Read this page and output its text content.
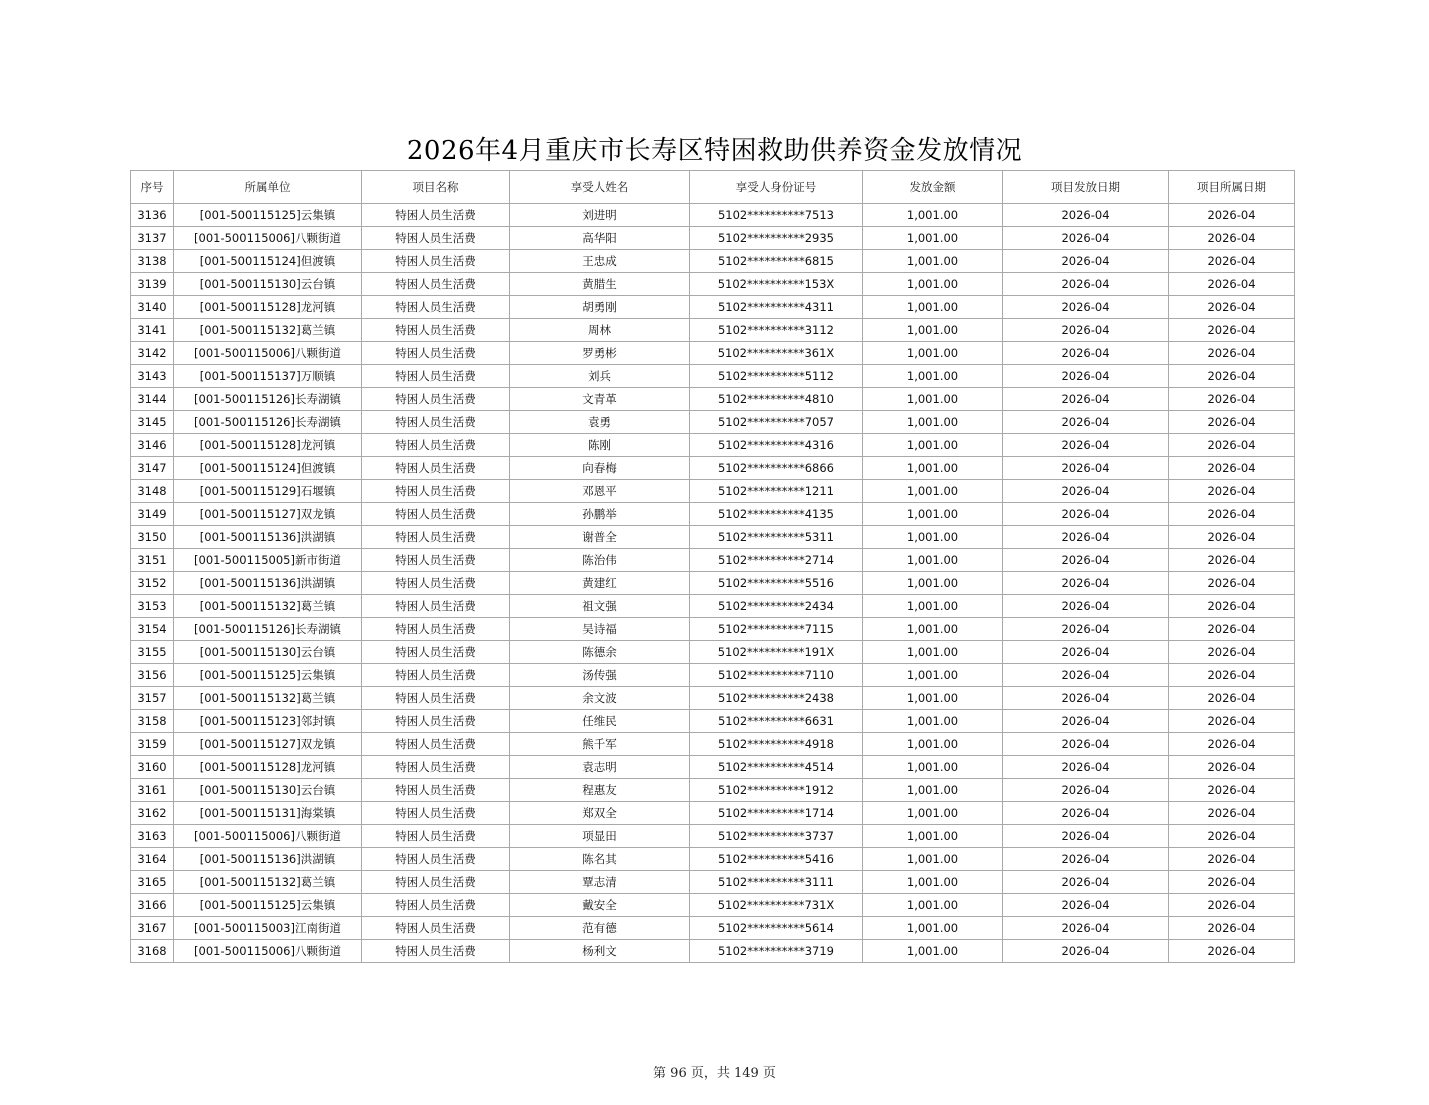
2026年4月重庆市长寿区特困救助供养资金发放情况
序号	所属单位	项目名称	享受人姓名	享受人身份证号	发放金额	项目发放日期	项目所属日期
3136	[001-500115125]云集镇	特困人员生活费	刘进明	5102**********7513	1,001.00	2026-04	2026-04
3137	[001-500115006]八颗街道	特困人员生活费	高华阳	5102**********2935	1,001.00	2026-04	2026-04
3138	[001-500115124]但渡镇	特困人员生活费	王忠成	5102**********6815	1,001.00	2026-04	2026-04
3139	[001-500115130]云台镇	特困人员生活费	黄腊生	5102**********153X	1,001.00	2026-04	2026-04
3140	[001-500115128]龙河镇	特困人员生活费	胡勇刚	5102**********4311	1,001.00	2026-04	2026-04
3141	[001-500115132]葛兰镇	特困人员生活费	周林	5102**********3112	1,001.00	2026-04	2026-04
3142	[001-500115006]八颗街道	特困人员生活费	罗勇彬	5102**********361X	1,001.00	2026-04	2026-04
3143	[001-500115137]万顺镇	特困人员生活费	刘兵	5102**********5112	1,001.00	2026-04	2026-04
3144	[001-500115126]长寿湖镇	特困人员生活费	文青革	5102**********4810	1,001.00	2026-04	2026-04
3145	[001-500115126]长寿湖镇	特困人员生活费	袁勇	5102**********7057	1,001.00	2026-04	2026-04
3146	[001-500115128]龙河镇	特困人员生活费	陈刚	5102**********4316	1,001.00	2026-04	2026-04
3147	[001-500115124]但渡镇	特困人员生活费	向春梅	5102**********6866	1,001.00	2026-04	2026-04
3148	[001-500115129]石堰镇	特困人员生活费	邓恩平	5102**********1211	1,001.00	2026-04	2026-04
3149	[001-500115127]双龙镇	特困人员生活费	孙鹏举	5102**********4135	1,001.00	2026-04	2026-04
3150	[001-500115136]洪湖镇	特困人员生活费	谢普全	5102**********5311	1,001.00	2026-04	2026-04
3151	[001-500115005]新市街道	特困人员生活费	陈治伟	5102**********2714	1,001.00	2026-04	2026-04
3152	[001-500115136]洪湖镇	特困人员生活费	黄建红	5102**********5516	1,001.00	2026-04	2026-04
3153	[001-500115132]葛兰镇	特困人员生活费	祖文强	5102**********2434	1,001.00	2026-04	2026-04
3154	[001-500115126]长寿湖镇	特困人员生活费	吴诗福	5102**********7115	1,001.00	2026-04	2026-04
3155	[001-500115130]云台镇	特困人员生活费	陈德余	5102**********191X	1,001.00	2026-04	2026-04
3156	[001-500115125]云集镇	特困人员生活费	汤传强	5102**********7110	1,001.00	2026-04	2026-04
3157	[001-500115132]葛兰镇	特困人员生活费	余文波	5102**********2438	1,001.00	2026-04	2026-04
3158	[001-500115123]邻封镇	特困人员生活费	任维民	5102**********6631	1,001.00	2026-04	2026-04
3159	[001-500115127]双龙镇	特困人员生活费	熊千军	5102**********4918	1,001.00	2026-04	2026-04
3160	[001-500115128]龙河镇	特困人员生活费	袁志明	5102**********4514	1,001.00	2026-04	2026-04
3161	[001-500115130]云台镇	特困人员生活费	程惠友	5102**********1912	1,001.00	2026-04	2026-04
3162	[001-500115131]海棠镇	特困人员生活费	郑双全	5102**********1714	1,001.00	2026-04	2026-04
3163	[001-500115006]八颗街道	特困人员生活费	项显田	5102**********3737	1,001.00	2026-04	2026-04
3164	[001-500115136]洪湖镇	特困人员生活费	陈名其	5102**********5416	1,001.00	2026-04	2026-04
3165	[001-500115132]葛兰镇	特困人员生活费	覃志清	5102**********3111	1,001.00	2026-04	2026-04
3166	[001-500115125]云集镇	特困人员生活费	戴安全	5102**********731X	1,001.00	2026-04	2026-04
3167	[001-500115003]江南街道	特困人员生活费	范有德	5102**********5614	1,001.00	2026-04	2026-04
3168	[001-500115006]八颗街道	特困人员生活费	杨利文	5102**********3719	1,001.00	2026-04	2026-04
第 96 页，共 149 页
